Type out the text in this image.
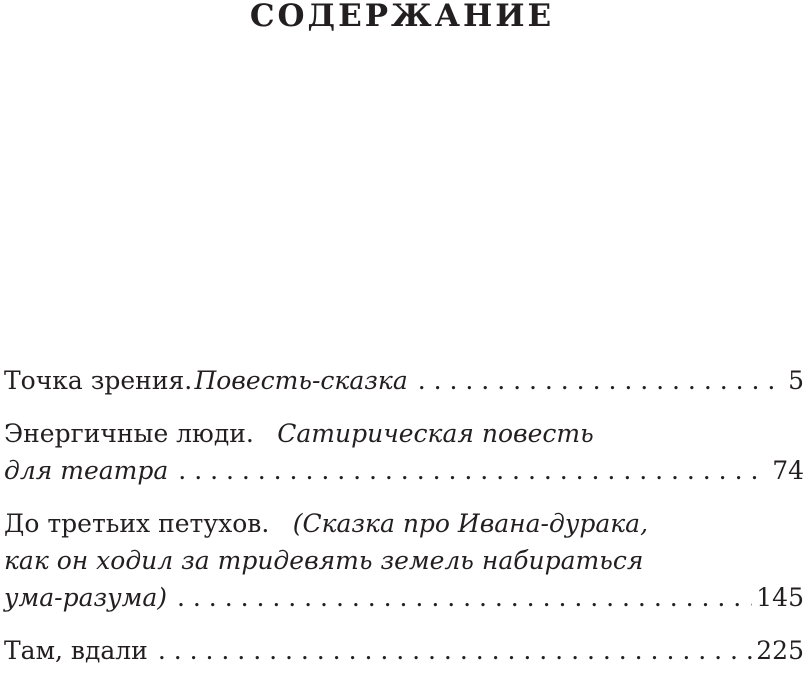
СОДЕРЖАНИЕ
Точка зрения. Повесть-сказка . . .	5
Энергичные люди. Сатирическая повесть
для театра . . .	74
До третьих петухов. (Сказка про Ивана-дурака,
как он ходил за тридевять земель набираться
ума-разума) . . .	145
Там, вдали . . .	225
